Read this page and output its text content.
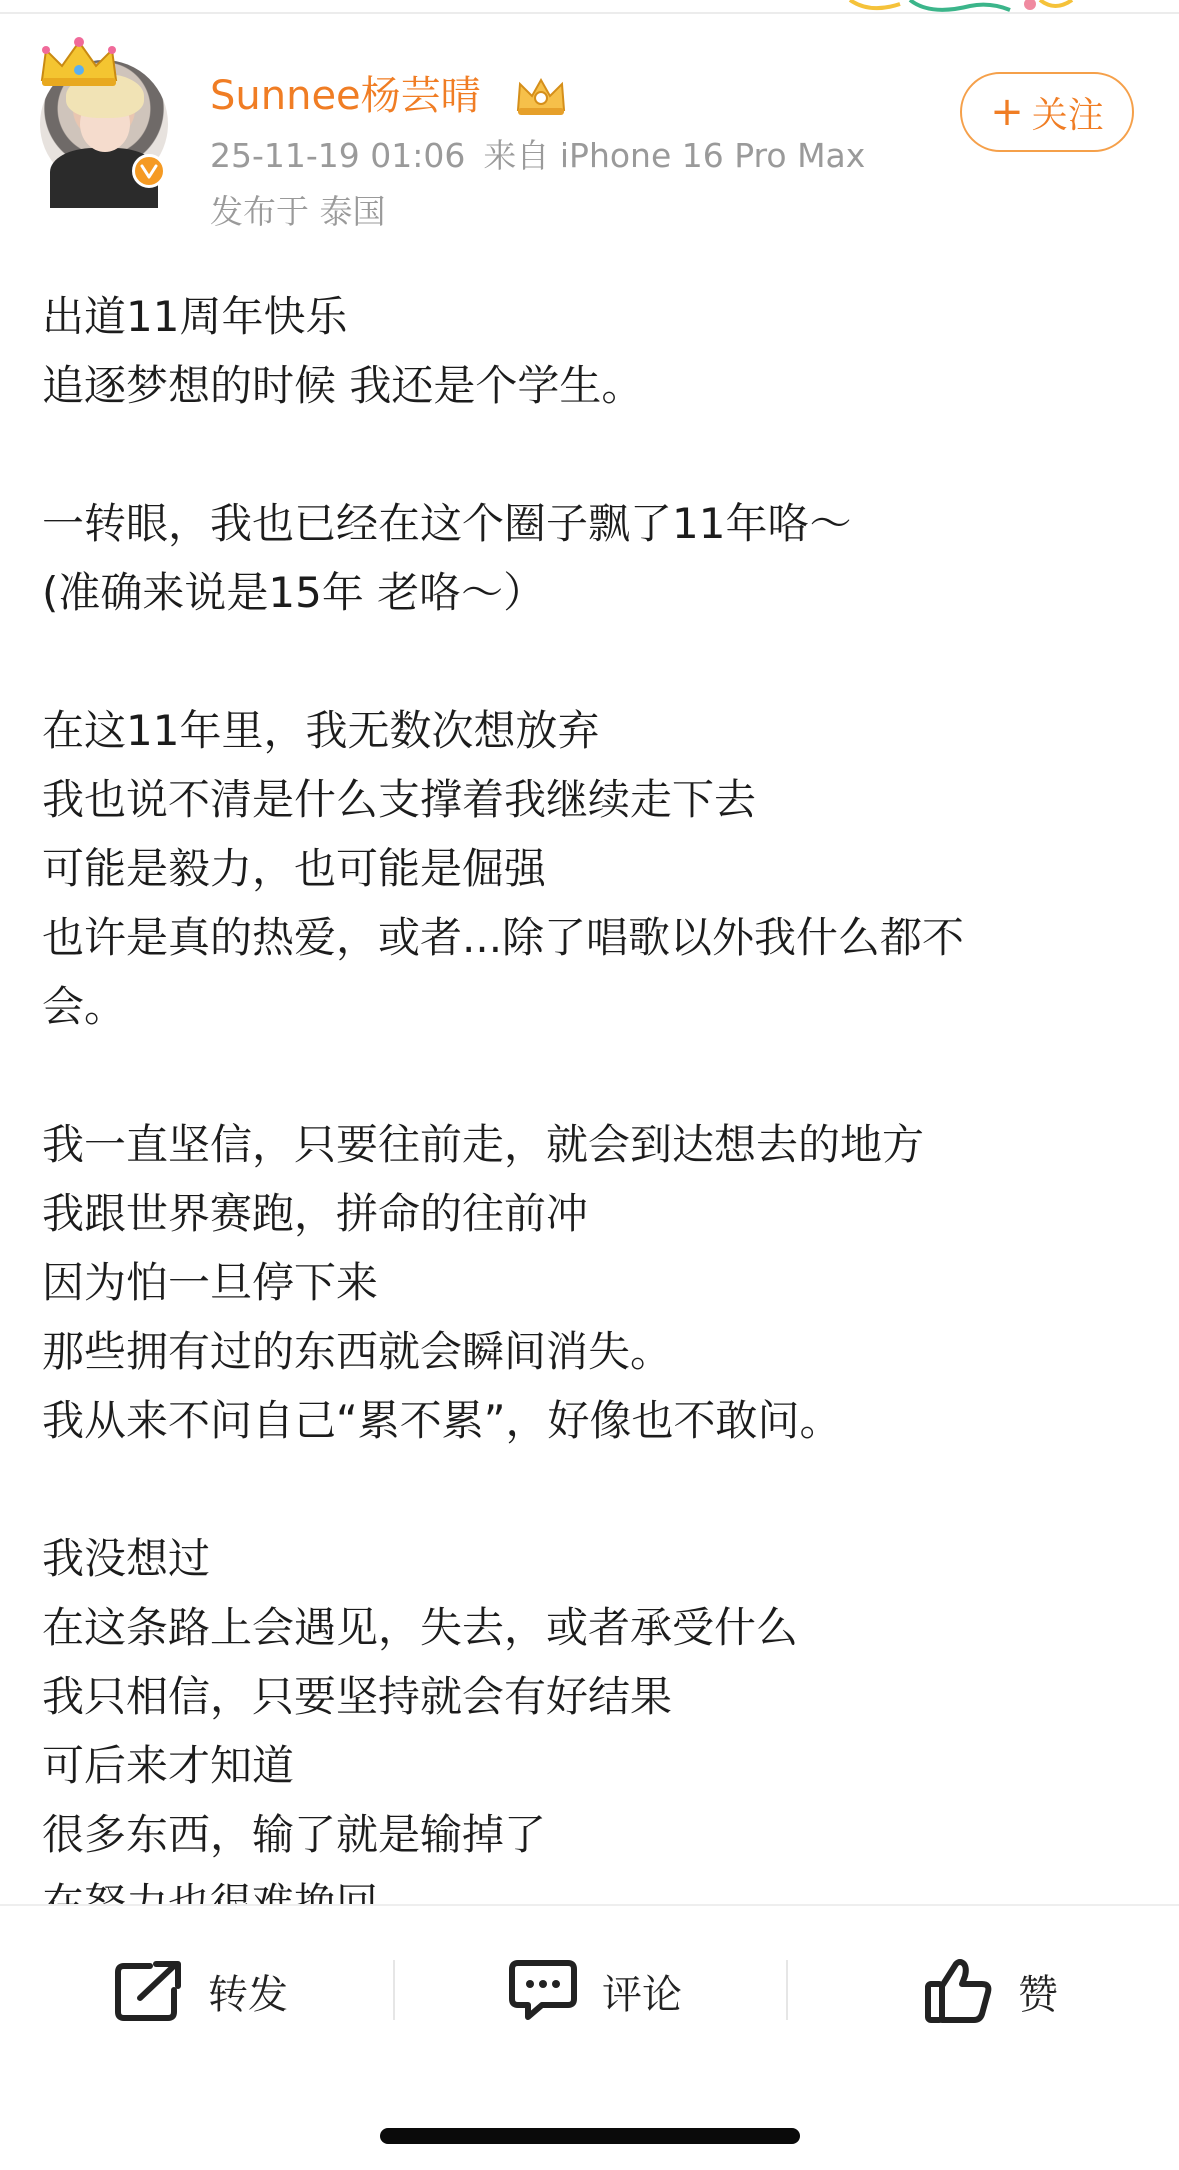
Sunnee杨芸晴
25-11-19 01:06 来自 iPhone 16 Pro Max
发布于 泰国
+ 关注
出道11周年快乐
追逐梦想的时候 我还是个学生。
一转眼，我也已经在这个圈子飘了11年咯～
(准确来说是15年 老咯～）
在这11年里，我无数次想放弃
我也说不清是什么支撑着我继续走下去
可能是毅力，也可能是倔强
也许是真的热爱，或者...除了唱歌以外我什么都不
会。
我一直坚信，只要往前走，就会到达想去的地方
我跟世界赛跑，拼命的往前冲
因为怕一旦停下来
那些拥有过的东西就会瞬间消失。
我从来不问自己“累不累”，好像也不敢问。
我没想过
在这条路上会遇见，失去，或者承受什么
我只相信，只要坚持就会有好结果
可后来才知道
很多东西，输了就是输掉了
转发	评论	赞
